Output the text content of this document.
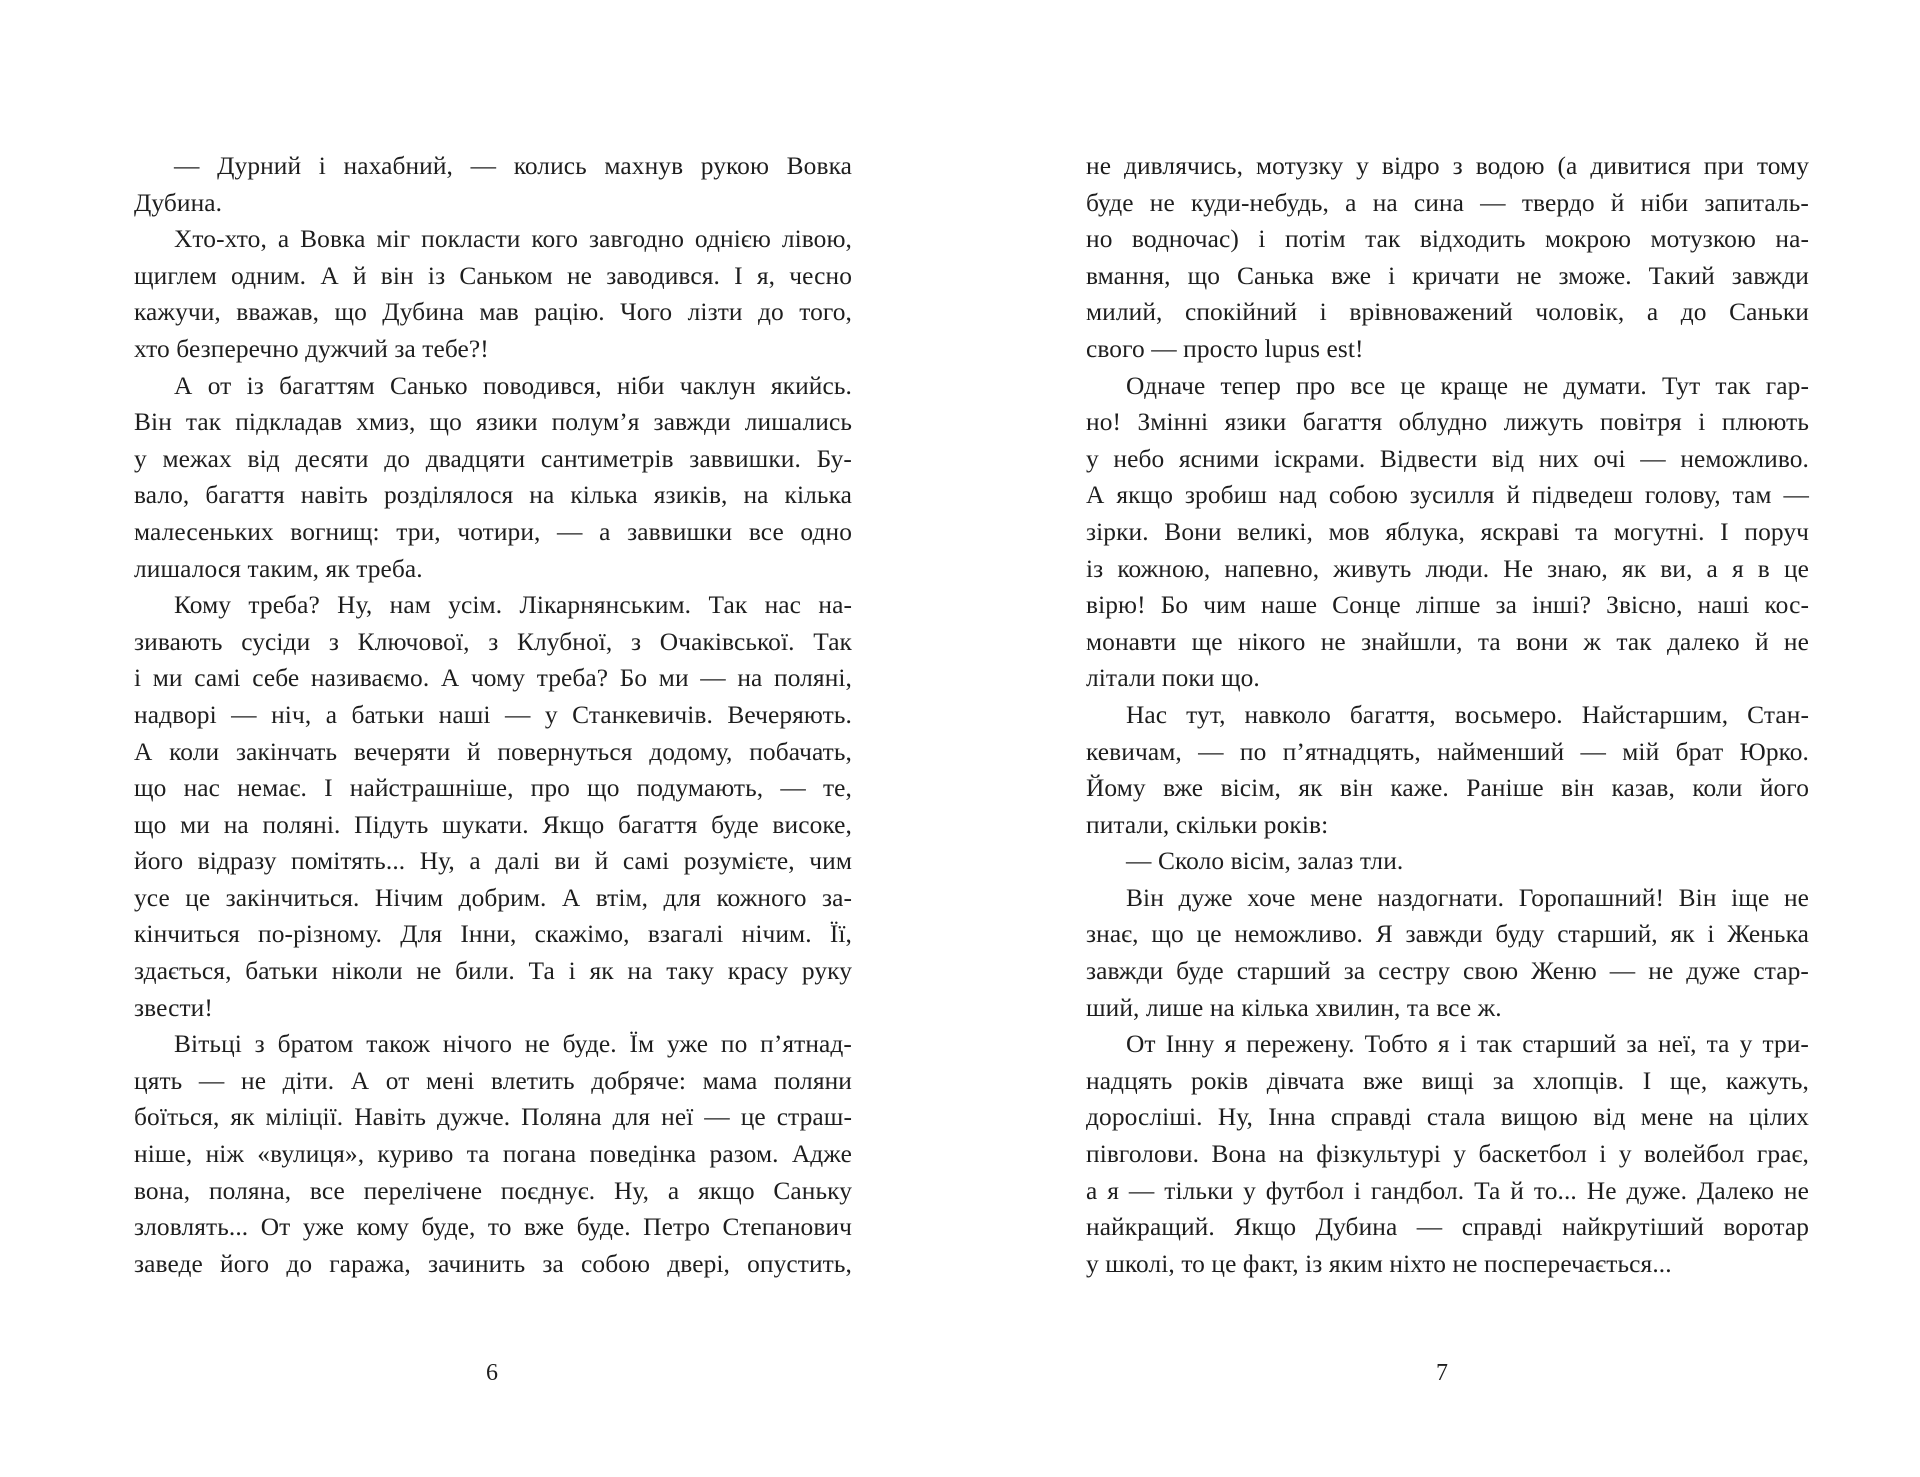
— Дурний і нахабний, — колись махнув рукою Вовка
Дубина.
Хто-хто, а Вовка міг покласти кого завгодно однією лівою,
щиглем одним. А й він із Саньком не заводився. І я, чесно
кажучи, вважав, що Дубина мав рацію. Чого лізти до того,
хто безперечно дужчий за тебе?!
А от із багаттям Санько поводився, ніби чаклун якийсь.
Він так підкладав хмиз, що язики полум’я завжди лишались
у межах від десяти до двадцяти сантиметрів заввишки. Бу-
вало, багаття навіть розділялося на кілька язиків, на кілька
малесеньких вогнищ: три, чотири, — а заввишки все одно
лишалося таким, як треба.
Кому треба? Ну, нам усім. Лікарнянським. Так нас на-
зивають сусіди з Ключової, з Клубної, з Очаківської. Так
і ми самі себе називаємо. А чому треба? Бо ми — на поляні,
надворі — ніч, а батьки наші — у Станкевичів. Вечеряють.
А коли закінчать вечеряти й повернуться додому, побачать,
що нас немає. І найстрашніше, про що подумають, — те,
що ми на поляні. Підуть шукати. Якщо багаття буде високе,
його відразу помітять... Ну, а далі ви й самі розумієте, чим
усе це закінчиться. Нічим добрим. А втім, для кожного за-
кінчиться по-різному. Для Інни, скажімо, взагалі нічим. Її,
здається, батьки ніколи не били. Та і як на таку красу руку
звести!
Вітьці з братом також нічого не буде. Їм уже по п’ятнад-
цять — не діти. А от мені влетить добряче: мама поляни
боїться, як міліції. Навіть дужче. Поляна для неї — це страш-
ніше, ніж «вулиця», куриво та погана поведінка разом. Адже
вона, поляна, все перелічене поєднує. Ну, а якщо Саньку
зловлять... От уже кому буде, то вже буде. Петро Степанович
заведе його до гаража, зачинить за собою двері, опустить,
6
не дивлячись, мотузку у відро з водою (а дивитися при тому
буде не куди-небудь, а на сина — твердо й ніби запиталь-
но водночас) і потім так відходить мокрою мотузкою на-
вмання, що Санька вже і кричати не зможе. Такий завжди
милий, спокійний і врівноважений чоловік, а до Саньки
свого — просто lupus est!
Одначе тепер про все це краще не думати. Тут так гар-
но! Змінні язики багаття облудно лижуть повітря і плюють
у небо ясними іскрами. Відвести від них очі — неможливо.
А якщо зробиш над собою зусилля й підведеш голову, там —
зірки. Вони великі, мов яблука, яскраві та могутні. І поруч
із кожною, напевно, живуть люди. Не знаю, як ви, а я в це
вірю! Бо чим наше Сонце ліпше за інші? Звісно, наші кос-
монавти ще нікого не знайшли, та вони ж так далеко й не
літали поки що.
Нас тут, навколо багаття, восьмеро. Найстаршим, Стан-
кевичам, — по п’ятнадцять, найменший — мій брат Юрко.
Йому вже вісім, як він каже. Раніше він казав, коли його
питали, скільки років:
— Сколо вісім, залаз тли.
Він дуже хоче мене наздогнати. Горопашний! Він іще не
знає, що це неможливо. Я завжди буду старший, як і Женька
завжди буде старший за сестру свою Женю — не дуже стар-
ший, лише на кілька хвилин, та все ж.
От Інну я пережену. Тобто я і так старший за неї, та у три-
надцять років дівчата вже вищі за хлопців. І ще, кажуть,
доросліші. Ну, Інна справді стала вищою від мене на цілих
півголови. Вона на фізкультурі у баскетбол і у волейбол грає,
а я — тільки у футбол і гандбол. Та й то... Не дуже. Далеко не
найкращий. Якщо Дубина — справді найкрутіший воротар
у школі, то це факт, із яким ніхто не посперечається...
7
